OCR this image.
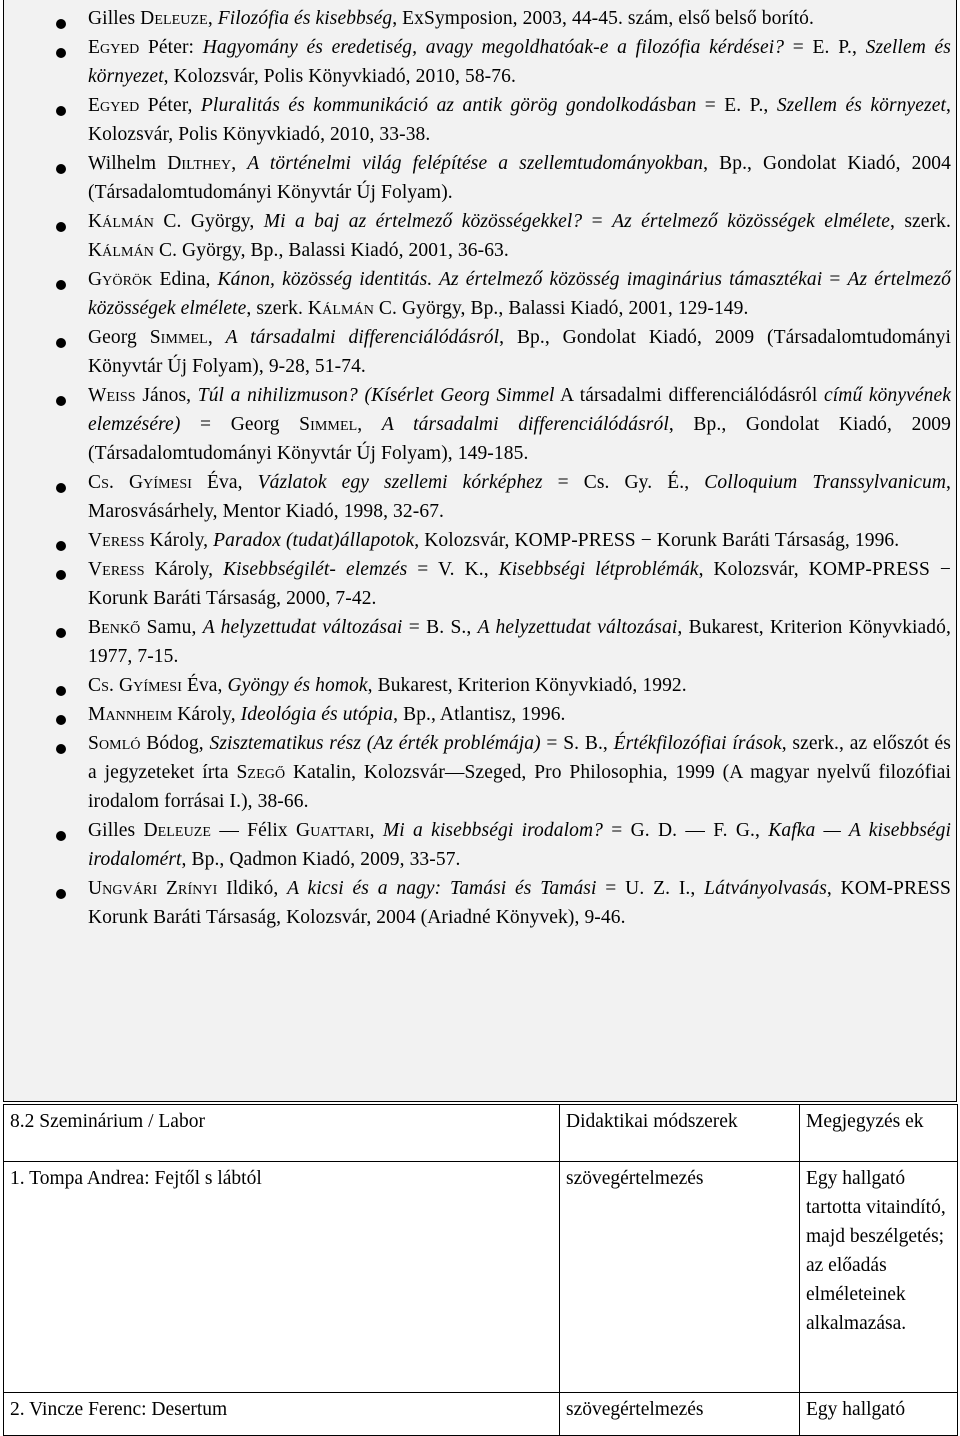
Gilles Deleuze, Filozófia és kisebbség, ExSymposion, 2003, 44-45. szám, első belső borító.
Egyed Péter: Hagyomány és eredetiség, avagy megoldhatóak-e a filozófia kérdései? = E. P., Szellem és környezet, Kolozsvár, Polis Könyvkiadó, 2010, 58-76.
Egyed Péter, Pluralitás és kommunikáció az antik görög gondolkodásban = E. P., Szellem és környezet, Kolozsvár, Polis Könyvkiadó, 2010, 33-38.
Wilhelm Dilthey, A történelmi világ felépítése a szellemtudományokban, Bp., Gondolat Kiadó, 2004 (Társadalomtudományi Könyvtár Új Folyam).
Kálmán C. György, Mi a baj az értelmező közösségekkel? = Az értelmező közösségek elmélete, szerk. Kálmán C. György, Bp., Balassi Kiadó, 2001, 36-63.
Györök Edina, Kánon, közösség identitás. Az értelmező közösség imaginárius támasztékai = Az értelmező közösségek elmélete, szerk. Kálmán C. György, Bp., Balassi Kiadó, 2001, 129-149.
Georg Simmel, A társadalmi differenciálódásról, Bp., Gondolat Kiadó, 2009 (Társadalomtudományi Könyvtár Új Folyam), 9-28, 51-74.
Weiss János, Túl a nihilizmuson? (Kísérlet Georg Simmel A társadalmi differenciálódásról című könyvének elemzésére) = Georg Simmel, A társadalmi differenciálódásról, Bp., Gondolat Kiadó, 2009 (Társadalomtudományi Könyvtár Új Folyam), 149-185.
Cs. Gyímesi Éva, Vázlatok egy szellemi kórképhez = Cs. Gy. É., Colloquium Transsylvanicum, Marosvásárhely, Mentor Kiadó, 1998, 32-67.
Veress Károly, Paradox (tudat)állapotok, Kolozsvár, KOMP-PRESS − Korunk Baráti Társaság, 1996.
Veress Károly, Kisebbségilét- elemzés = V. K., Kisebbségi létproblémák, Kolozsvár, KOMP-PRESS − Korunk Baráti Társaság, 2000, 7-42.
Benkő Samu, A helyzettudat változásai = B. S., A helyzettudat változásai, Bukarest, Kriterion Könyvkiadó, 1977, 7-15.
Cs. Gyímesi Éva, Gyöngy és homok, Bukarest, Kriterion Könyvkiadó, 1992.
Mannheim Károly, Ideológia és utópia, Bp., Atlantisz, 1996.
Somló Bódog, Szisztematikus rész (Az érték problémája) = S. B., Értékfilozófiai írások, szerk., az előszót és a jegyzeteket írta Szegő Katalin, Kolozsvár—Szeged, Pro Philosophia, 1999 (A magyar nyelvű filozófiai irodalom forrásai I.), 38-66.
Gilles Deleuze — Félix Guattari, Mi a kisebbségi irodalom? = G. D. — F. G., Kafka — A kisebbségi irodalomért, Bp., Qadmon Kiadó, 2009, 33-57.
Ungvári Zrínyi Ildikó, A kicsi és a nagy: Tamási és Tamási = U. Z. I., Látványolvasás, KOM-PRESS Korunk Baráti Társaság, Kolozsvár, 2004 (Ariadné Könyvek), 9-46.
8.2 Szeminárium / Labor	Didaktikai módszerek	Megjegyzés ek
1. Tompa Andrea: Fejtől s lábtól	szövegértelmezés	Egy hallgató tartotta vitaindító, majd beszélgetés; az előadás elméleteinek alkalmazása.
2. Vincze Ferenc: Desertum	szövegértelmezés	Egy hallgató
